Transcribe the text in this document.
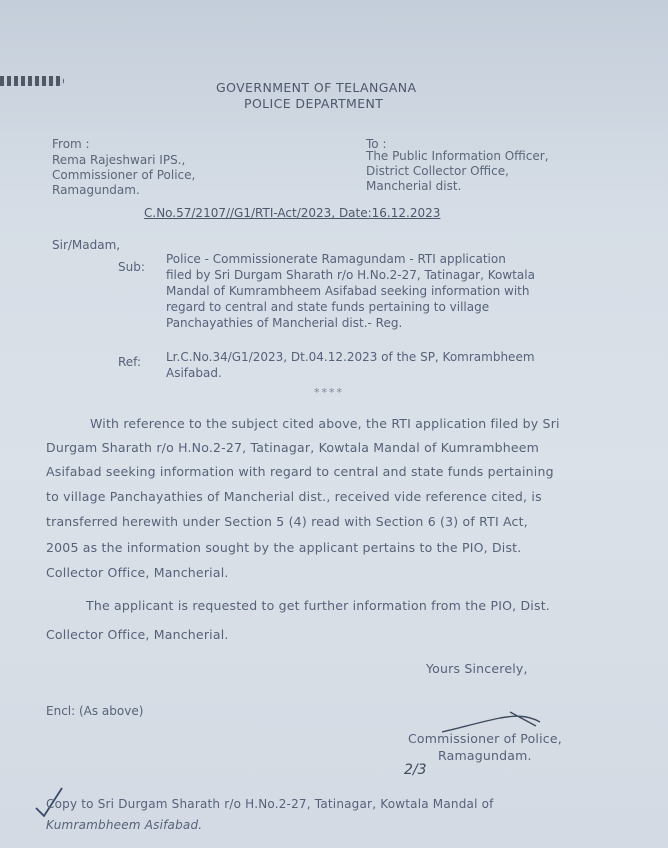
GOVERNMENT OF TELANGANA
POLICE DEPARTMENT
From :
Rema Rajeshwari IPS.,
Commissioner of Police,
Ramagundam.
To :
The Public Information Officer,
District Collector Office,
Mancherial dist.
C.No.57/2107//G1/RTI-Act/2023, Date:16.12.2023
Sir/Madam,
Sub:
Police - Commissionerate Ramagundam - RTI application
filed by Sri Durgam Sharath r/o H.No.2-27, Tatinagar, Kowtala
Mandal of Kumrambheem Asifabad seeking information with
regard to central and state funds pertaining to village
Panchayathies of Mancherial dist.- Reg.
Ref: Lr.C.No.34/G1/2023, Dt.04.12.2023 of the SP, Komrambheem
Asifabad.
****
With reference to the subject cited above, the RTI application filed by Sri
Durgam Sharath r/o H.No.2-27, Tatinagar, Kowtala Mandal of Kumrambheem
Asifabad seeking information with regard to central and state funds pertaining
to village Panchayathies of Mancherial dist., received vide reference cited, is
transferred herewith under Section 5 (4) read with Section 6 (3) of RTI Act,
2005 as the information sought by the applicant pertains to the PIO, Dist.
Collector Office, Mancherial.
The applicant is requested to get further information from the PIO, Dist.
Collector Office, Mancherial.
Yours Sincerely,
Encl: (As above)
Commissioner of Police,
Ramagundam.
2/3
Copy to Sri Durgam Sharath r/o H.No.2-27, Tatinagar, Kowtala Mandal of
Kumrambheem Asifabad.
